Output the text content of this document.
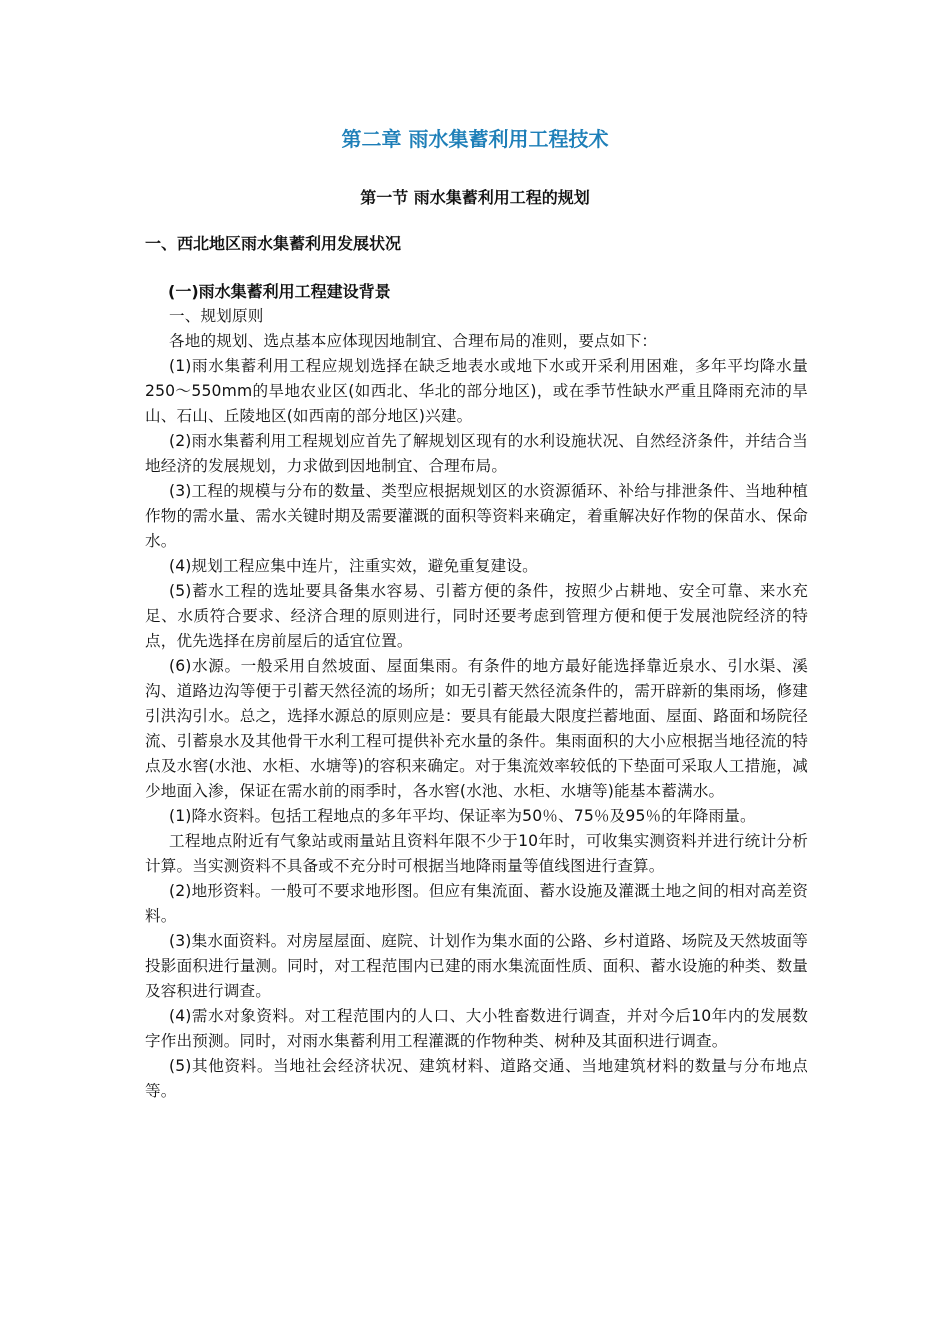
第二章 雨水集蓄利用工程技术
第一节 雨水集蓄利用工程的规划
一、西北地区雨水集蓄利用发展状况
(一)雨水集蓄利用工程建设背景

一、规划原则

各地的规划、选点基本应体现因地制宜、合理布局的准则，要点如下：

(1)雨水集蓄利用工程应规划选择在缺乏地表水或地下水或开采利用困难，多年平均降水量250～550mm的旱地农业区(如西北、华北的部分地区)，或在季节性缺水严重且降雨充沛的旱山、石山、丘陵地区(如西南的部分地区)兴建。

(2)雨水集蓄利用工程规划应首先了解规划区现有的水利设施状况、自然经济条件，并结合当地经济的发展规划，力求做到因地制宜、合理布局。

(3)工程的规模与分布的数量、类型应根据规划区的水资源循环、补给与排泄条件、当地种植作物的需水量、需水关键时期及需要灌溉的面积等资料来确定，着重解决好作物的保苗水、保命水。

(4)规划工程应集中连片，注重实效，避免重复建设。

(5)蓄水工程的选址要具备集水容易、引蓄方便的条件，按照少占耕地、安全可靠、来水充足、水质符合要求、经济合理的原则进行，同时还要考虑到管理方便和便于发展池院经济的特点，优先选择在房前屋后的适宜位置。

(6)水源。一般采用自然坡面、屋面集雨。有条件的地方最好能选择靠近泉水、引水渠、溪沟、道路边沟等便于引蓄天然径流的场所；如无引蓄天然径流条件的，需开辟新的集雨场，修建引洪沟引水。总之，选择水源总的原则应是：要具有能最大限度拦蓄地面、屋面、路面和场院径流、引蓄泉水及其他骨干水利工程可提供补充水量的条件。集雨面积的大小应根据当地径流的特点及水窖(水池、水柜、水塘等)的容积来确定。对于集流效率较低的下垫面可采取人工措施，减少地面入渗，保证在需水前的雨季时，各水窖(水池、水柜、水塘等)能基本蓄满水。

(1)降水资料。包括工程地点的多年平均、保证率为50％、75％及95％的年降雨量。

工程地点附近有气象站或雨量站且资料年限不少于10年时，可收集实测资料并进行统计分析计算。当实测资料不具备或不充分时可根据当地降雨量等值线图进行查算。

(2)地形资料。一般可不要求地形图。但应有集流面、蓄水设施及灌溉土地之间的相对高差资料。

(3)集水面资料。对房屋屋面、庭院、计划作为集水面的公路、乡村道路、场院及天然坡面等投影面积进行量测。同时，对工程范围内已建的雨水集流面性质、面积、蓄水设施的种类、数量及容积进行调查。

(4)需水对象资料。对工程范围内的人口、大小牲畜数进行调查，并对今后10年内的发展数字作出预测。同时，对雨水集蓄利用工程灌溉的作物种类、树种及其面积进行调查。

(5)其他资料。当地社会经济状况、建筑材料、道路交通、当地建筑材料的数量与分布地点等。
